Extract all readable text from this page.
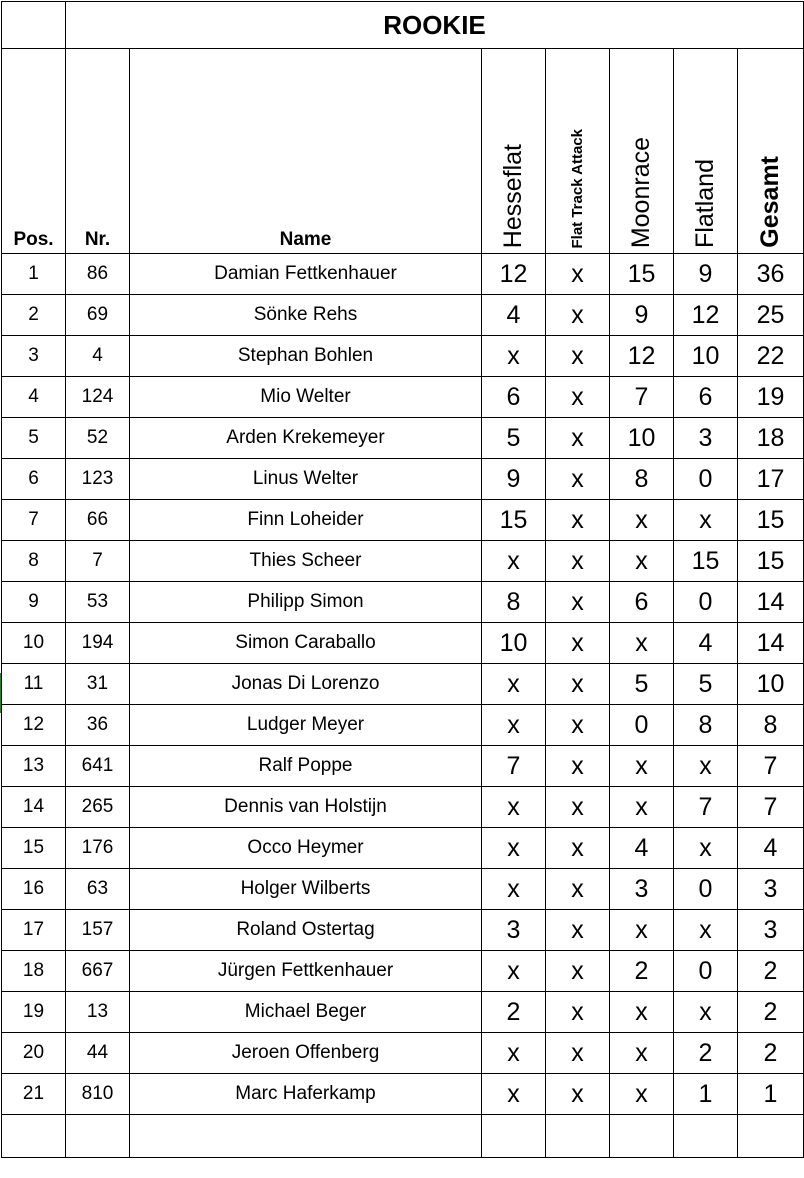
	ROOKIE						
Pos.	Nr.	Name	Hesseflat	Flat Track Attack	Moonrace	Flatland	Gesamt
1	86	Damian Fettkenhauer	12	x	15	9	36
2	69	Sönke Rehs	4	x	9	12	25
3	4	Stephan Bohlen	x	x	12	10	22
4	124	Mio Welter	6	x	7	6	19
5	52	Arden Krekemeyer	5	x	10	3	18
6	123	Linus Welter	9	x	8	0	17
7	66	Finn Loheider	15	x	x	x	15
8	7	Thies Scheer	x	x	x	15	15
9	53	Philipp Simon	8	x	6	0	14
10	194	Simon Caraballo	10	x	x	4	14
11	31	Jonas Di Lorenzo	x	x	5	5	10
12	36	Ludger Meyer	x	x	0	8	8
13	641	Ralf Poppe	7	x	x	x	7
14	265	Dennis van Holstijn	x	x	x	7	7
15	176	Occo Heymer	x	x	4	x	4
16	63	Holger Wilberts	x	x	3	0	3
17	157	Roland Ostertag	3	x	x	x	3
18	667	Jürgen Fettkenhauer	x	x	2	0	2
19	13	Michael Beger	2	x	x	x	2
20	44	Jeroen Offenberg	x	x	x	2	2
21	810	Marc Haferkamp	x	x	x	1	1
